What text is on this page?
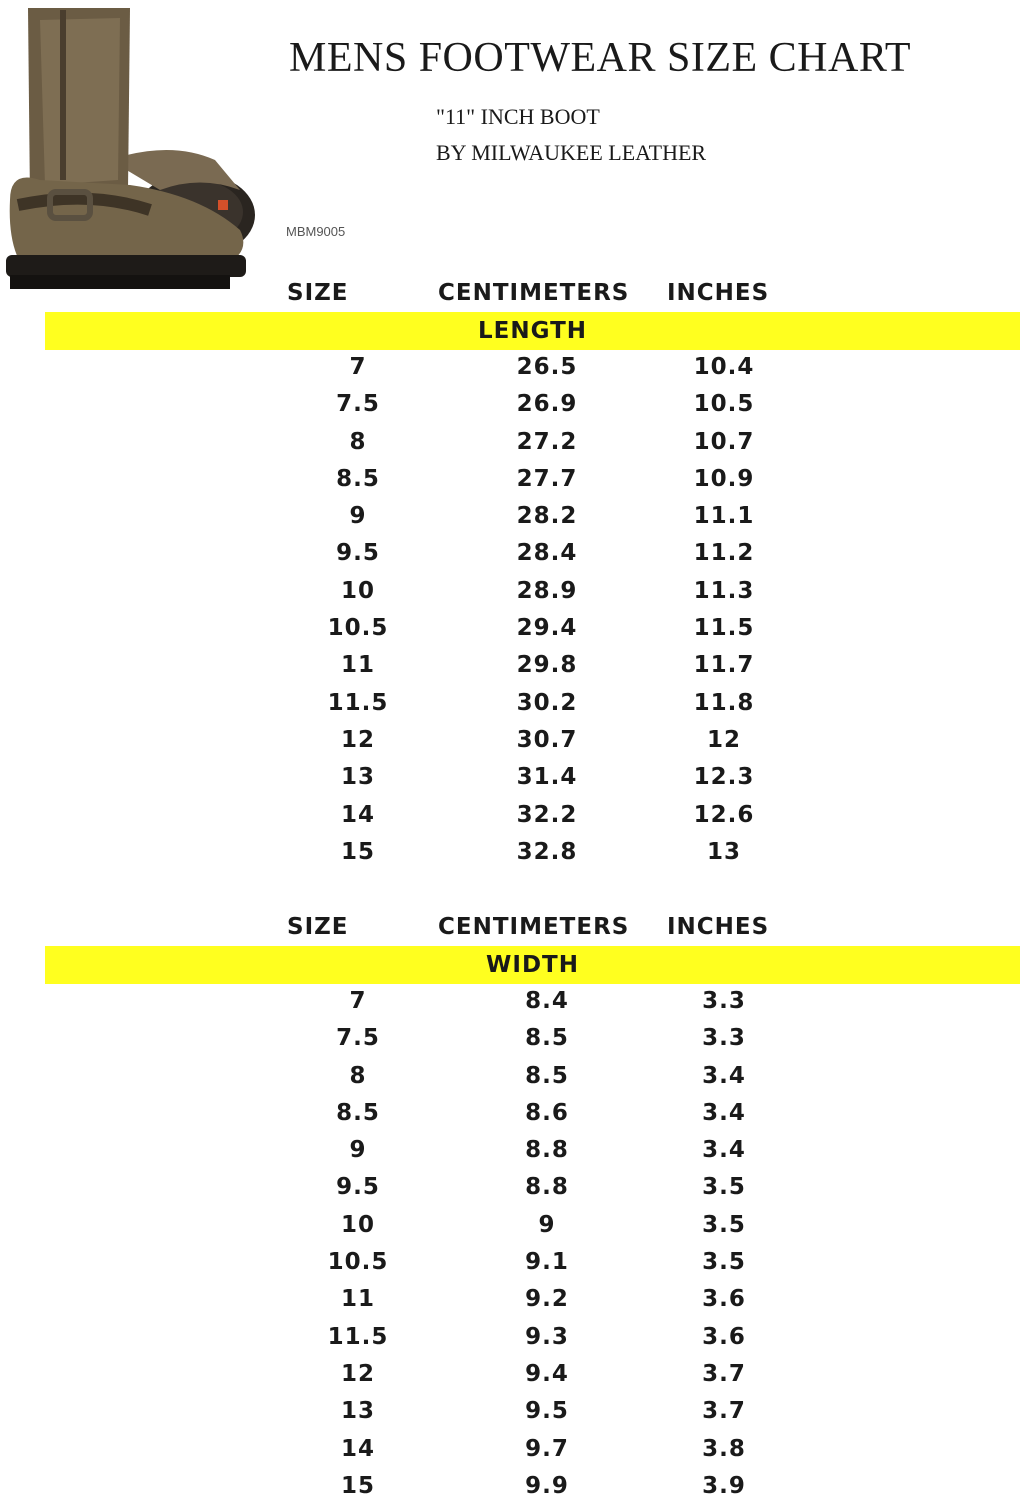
MENS FOOTWEAR SIZE CHART
"11" INCH BOOT
BY MILWAUKEE LEATHER
MBM9005
SIZE	CENTIMETERS INCHES
LENGTH
7	26.5	10.4
7.5	26.9	10.5
8	27.2	10.7
8.5	27.7	10.9
9	28.2	11.1
9.5	28.4	11.2
10	28.9	11.3
10.5	29.4	11.5
11	29.8	11.7
11.5	30.2	11.8
12	30.7	12
13	31.4	12.3
14	32.2	12.6
15	32.8	13
SIZE	CENTIMETERS INCHES
WIDTH
7	8.4	3.3
7.5	8.5	3.3
8	8.5	3.4
8.5	8.6	3.4
9	8.8	3.4
9.5	8.8	3.5
10	9	3.5
10.5	9.1	3.5
11	9.2	3.6
11.5	9.3	3.6
12	9.4	3.7
13	9.5	3.7
14	9.7	3.8
15	9.9	3.9
